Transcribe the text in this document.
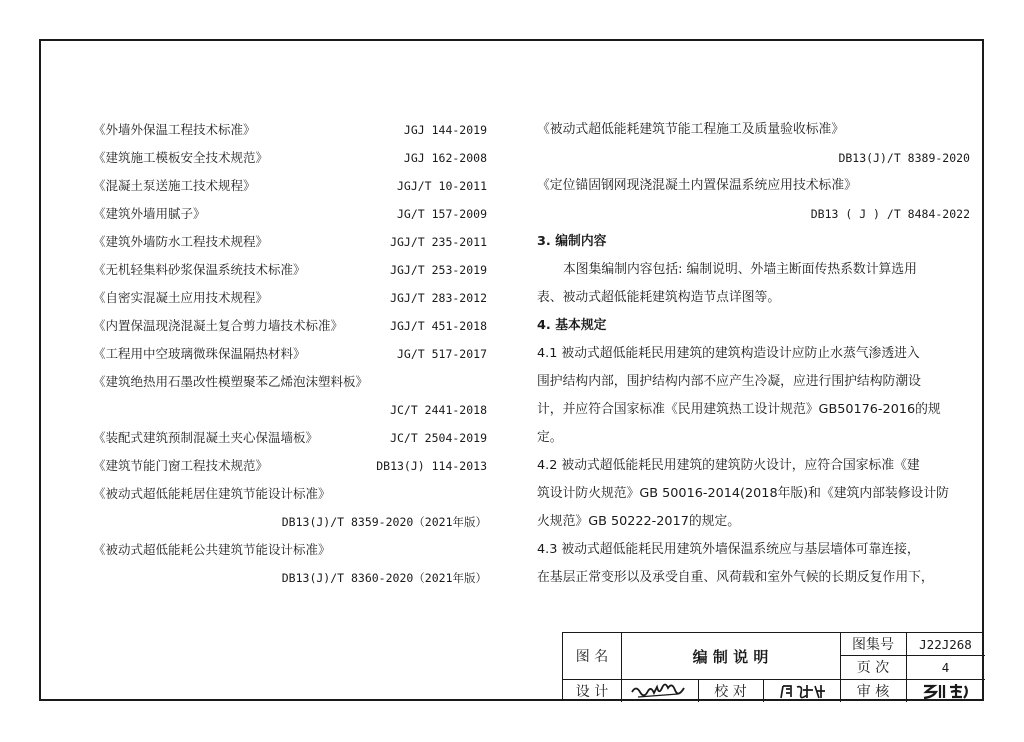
《外墙外保温工程技术标准》	JGJ 144-2019
《建筑施工模板安全技术规范》	JGJ 162-2008
《混凝土泵送施工技术规程》	JGJ/T 10-2011
《建筑外墙用腻子》	JG/T 157-2009
《建筑外墙防水工程技术规程》	JGJ/T 235-2011
《无机轻集料砂浆保温系统技术标准》	JGJ/T 253-2019
《自密实混凝土应用技术规程》	JGJ/T 283-2012
《内置保温现浇混凝土复合剪力墙技术标准》	JGJ/T 451-2018
《工程用中空玻璃微珠保温隔热材料》	JG/T 517-2017
《建筑绝热用石墨改性模塑聚苯乙烯泡沫塑料板》
JC/T 2441-2018
《装配式建筑预制混凝土夹心保温墙板》	JC/T 2504-2019
《建筑节能门窗工程技术规范》	DB13(J) 114-2013
《被动式超低能耗居住建筑节能设计标准》
DB13(J)/T 8359-2020（2021年版）
《被动式超低能耗公共建筑节能设计标准》
DB13(J)/T 8360-2020（2021年版）
《被动式超低能耗建筑节能工程施工及质量验收标准》
DB13(J)/T 8389-2020
《定位锚固钢网现浇混凝土内置保温系统应用技术标准》
DB13 ( J ) /T 8484-2022
3. 编制内容
本图集编制内容包括: 编制说明、外墙主断面传热系数计算选用
表、被动式超低能耗建筑构造节点详图等。
4. 基本规定
4.1 被动式超低能耗民用建筑的建筑构造设计应防止水蒸气渗透进入
围护结构内部，围护结构内部不应产生冷凝，应进行围护结构防潮设
计，并应符合国家标准《民用建筑热工设计规范》GB50176-2016的规
定。
4.2 被动式超低能耗民用建筑的建筑防火设计，应符合国家标准《建
筑设计防火规范》GB 50016-2014(2018年版)和《建筑内部装修设计防
火规范》GB 50222-2017的规定。
4.3 被动式超低能耗民用建筑外墙保温系统应与基层墙体可靠连接，
在基层正常变形以及承受自重、风荷载和室外气候的长期反复作用下，
图 名	编 制 说 明
图集号	J22J268
页 次	4
设 计	校 对	审 核
